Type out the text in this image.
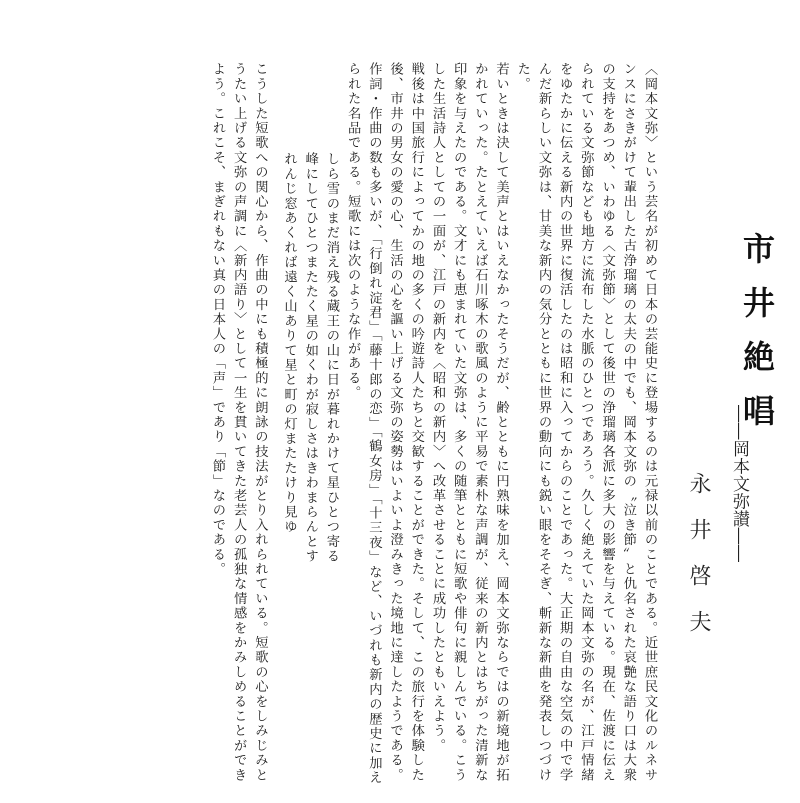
市井絶唱
――岡本文弥讃――
永井啓夫

〈岡本文弥〉という芸名が初めて日本の芸能史に登場するのは元禄以前のことである。近世庶民文化のルネサンスにさきがけて輩出した古浄瑠璃の太夫の中でも、岡本文弥の〝泣き節〟と仇名された哀艶な語り口は大衆の支持をあつめ、いわゆる〈文弥節〉として後世の浄瑠璃各派に多大の影響を与えている。現在、佐渡に伝えられている文弥節なども地方に流布した水脈のひとつであろう。久しく絶えていた岡本文弥の名が、江戸情緒をゆたかに伝える新内の世界に復活したのは昭和に入ってからのことであった。大正期の自由な空気の中で学んだ新らしい文弥は、甘美な新内の気分とともに世界の動向にも鋭い眼をそそぎ、斬新な新曲を発表しつづけた。

若いときは決して美声とはいえなかったそうだが、齢とともに円熟味を加え、岡本文弥ならではの新境地が拓かれていった。たとえていえば石川啄木の歌風のように平易で素朴な声調が、従来の新内とはちがった清新な印象を与えたのである。文才にも恵まれていた文弥は、多くの随筆とともに短歌や俳句に親しんでいる。こうした生活詩人としての一面が、江戸の新内を〈昭和の新内〉へ改革させることに成功したともいえよう。

戦後は中国旅行によってかの地の多くの吟遊詩人たちと交歓することができた。そして、この旅行を体験した後、市井の男女の愛の心、生活の心を謳い上げる文弥の姿勢はいよいよ澄みきった境地に達したようである。

作詞・作曲の数も多いが、「行倒れ淀君」「藤十郎の恋」「鶴女房」「十三夜」など、いづれも新内の歴史に加えられた名品である。短歌には次のような作がある。

しら雪のまだ消え残る蔵王の山に日が暮れかけて星ひとつ寄る

峰にしてひとつまたたく星の如くわが寂しさはきわまらんとす

れんじ窓あくれば遠く山ありて星と町の灯またたけり見ゆ

こうした短歌への関心から、作曲の中にも積極的に朗詠の技法がとり入れられている。短歌の心をしみじみとうたい上げる文弥の声調に〈新内語り〉として一生を貫いてきた老芸人の孤独な情感をかみしめることができよう。これこそ、まぎれもない真の日本人の「声」であり「節」なのである。
